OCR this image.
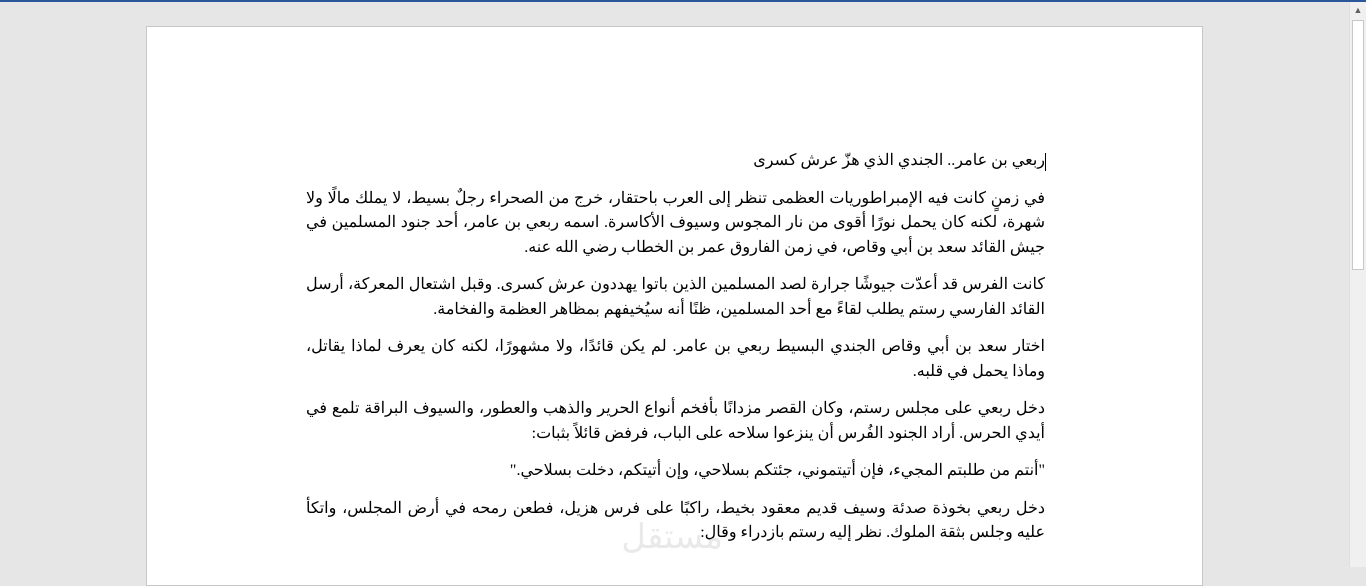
ربعي بن عامر.. الجندي الذي هزّ عرش كسرى

في زمنٍ كانت فيه الإمبراطوريات العظمى تنظر إلى العرب باحتقار، خرج من الصحراء رجلٌ بسيط، لا يملك مالًا ولا شهرة، لكنه كان يحمل نورًا أقوى من نار المجوس وسيوف الأكاسرة. اسمه ربعي بن عامر، أحد جنود المسلمين في جيش القائد سعد بن أبي وقاص، في زمن الفاروق عمر بن الخطاب رضي الله عنه.

كانت الفرس قد أعدّت جيوشًا جرارة لصد المسلمين الذين باتوا يهددون عرش كسرى. وقبل اشتعال المعركة، أرسل القائد الفارسي رستم يطلب لقاءً مع أحد المسلمين، ظنًا أنه سيُخيفهم بمظاهر العظمة والفخامة.

اختار سعد بن أبي وقاص الجندي البسيط ربعي بن عامر. لم يكن قائدًا، ولا مشهورًا، لكنه كان يعرف لماذا يقاتل، وماذا يحمل في قلبه.

دخل ربعي على مجلس رستم، وكان القصر مزدانًا بأفخم أنواع الحرير والذهب والعطور، والسيوف البراقة تلمع في أيدي الحرس. أراد الجنود الفُرس أن ينزعوا سلاحه على الباب، فرفض قائلاً بثبات:

"أنتم من طلبتم المجيء، فإن أتيتموني، جئتكم بسلاحي، وإن أتيتكم، دخلت بسلاحي."

دخل ربعي بخوذة صدئة وسيف قديم معقود بخيط، راكبًا على فرس هزيل، فطعن رمحه في أرض المجلس، واتكأ عليه وجلس بثقة الملوك. نظر إليه رستم بازدراء وقال:

مستقل
▲
